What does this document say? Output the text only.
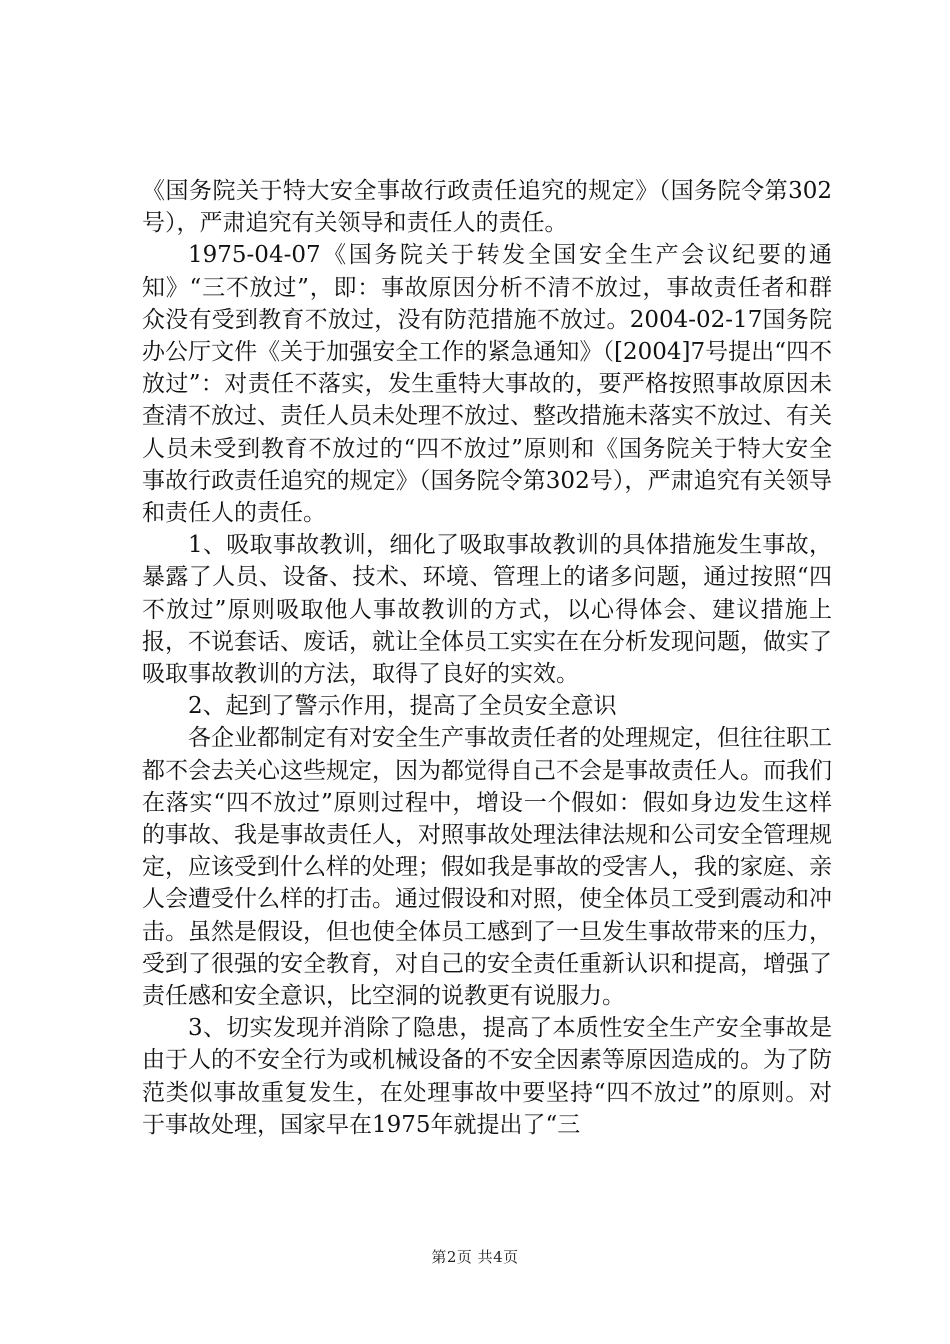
《国务院关于特大安全事故行政责任追究的规定》（国务院令第302号），严肃追究有关领导和责任人的责任。

1975-04-07《国务院关于转发全国安全生产会议纪要的通知》“三不放过”，即：事故原因分析不清不放过，事故责任者和群众没有受到教育不放过，没有防范措施不放过。2004-02-17国务院办公厅文件《关于加强安全工作的紧急通知》（[2004]7号提出“四不放过”：对责任不落实，发生重特大事故的，要严格按照事故原因未查清不放过、责任人员未处理不放过、整改措施未落实不放过、有关人员未受到教育不放过的“四不放过”原则和《国务院关于特大安全事故行政责任追究的规定》（国务院令第302号），严肃追究有关领导和责任人的责任。

1、吸取事故教训，细化了吸取事故教训的具体措施发生事故，暴露了人员、设备、技术、环境、管理上的诸多问题，通过按照“四不放过”原则吸取他人事故教训的方式，以心得体会、建议措施上报，不说套话、废话，就让全体员工实实在在分析发现问题，做实了吸取事故教训的方法，取得了良好的实效。

2、起到了警示作用，提高了全员安全意识

各企业都制定有对安全生产事故责任者的处理规定，但往往职工都不会去关心这些规定，因为都觉得自己不会是事故责任人。而我们在落实“四不放过”原则过程中，增设一个假如：假如身边发生这样的事故、我是事故责任人，对照事故处理法律法规和公司安全管理规定，应该受到什么样的处理；假如我是事故的受害人，我的家庭、亲人会遭受什么样的打击。通过假设和对照，使全体员工受到震动和冲击。虽然是假设，但也使全体员工感到了一旦发生事故带来的压力，受到了很强的安全教育，对自己的安全责任重新认识和提高，增强了责任感和安全意识，比空洞的说教更有说服力。

3、切实发现并消除了隐患，提高了本质性安全生产安全事故是由于人的不安全行为或机械设备的不安全因素等原因造成的。为了防范类似事故重复发生，在处理事故中要坚持“四不放过”的原则。对于事故处理，国家早在1975年就提出了“三

第2页 共4页
